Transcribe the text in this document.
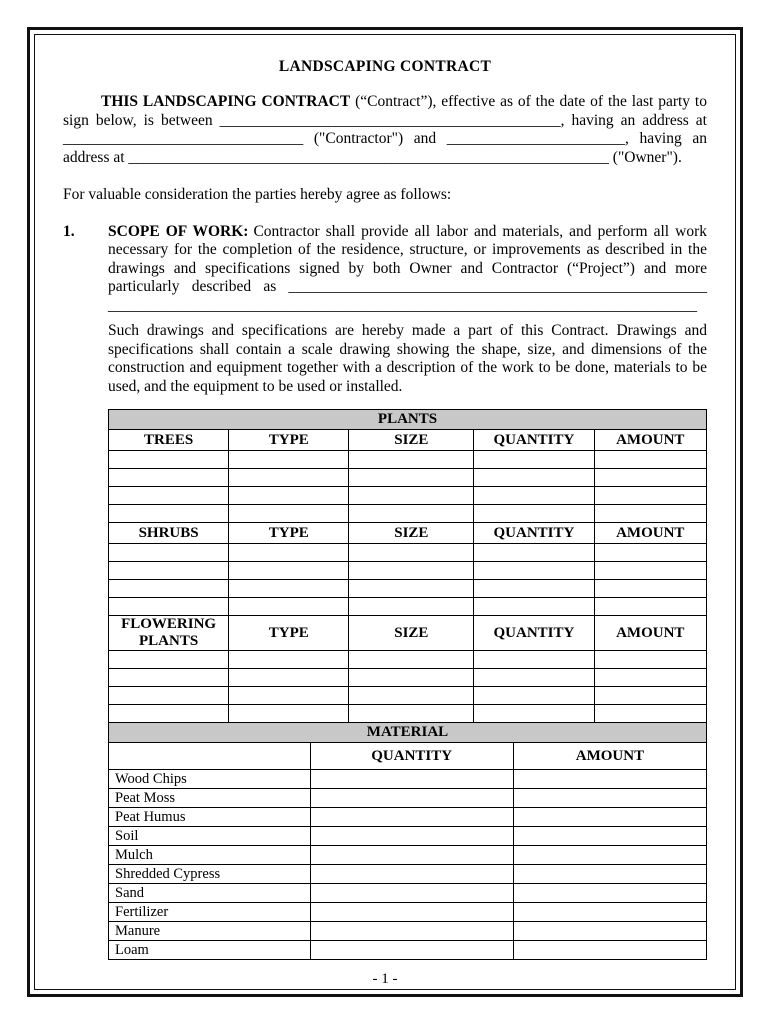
LANDSCAPING CONTRACT

THIS LANDSCAPING CONTRACT (“Contract”), effective as of the date of the last party to sign below, is between ____________________________________________, having an address at _______________________________ ("Contractor") and _______________________, having an address at ______________________________________________________________ ("Owner").

For valuable consideration the parties hereby agree as follows:

1.	SCOPE OF WORK: Contractor shall provide all labor and materials, and perform all work necessary for the completion of the residence, structure, or improvements as described in the drawings and specifications signed by both Owner and Contractor (“Project”) and more particularly described as ______________________________________________________ ____________________________________________________________________________

Such drawings and specifications are hereby made a part of this Contract. Drawings and specifications shall contain a scale drawing showing the shape, size, and dimensions of the construction and equipment together with a description of the work to be done, materials to be used, and the equipment to be used or installed.

PLANTS				
TREES	TYPE	SIZE	QUANTITY	AMOUNT

SHRUBS	TYPE	SIZE	QUANTITY	AMOUNT

FLOWERING PLANTS	TYPE	SIZE	QUANTITY	AMOUNT

MATERIAL		
	QUANTITY	AMOUNT
Wood Chips		
Peat Moss		
Peat Humus		
Soil		
Mulch		
Shredded Cypress		
Sand		
Fertilizer		
Manure		
Loam		
- 1 -
